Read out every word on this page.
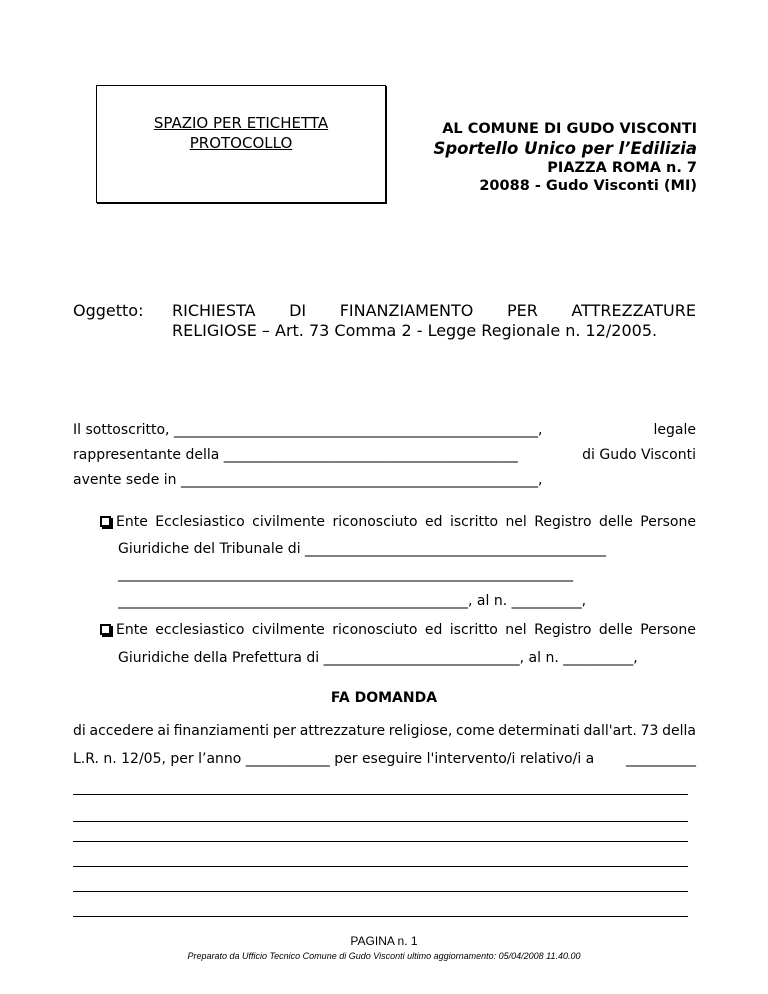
SPAZIO PER ETICHETTA
PROTOCOLLO
AL COMUNE DI GUDO VISCONTI
Sportello Unico per l’Edilizia
PIAZZA ROMA n. 7
20088 - Gudo Visconti (MI)
Oggetto: RICHIESTA DI FINANZIAMENTO PER ATTREZZATURE
RELIGIOSE – Art. 73 Comma 2 - Legge Regionale n. 12/2005.
Il sottoscritto, ____________________________________________________,	legale
rappresentante della __________________________________________	di Gudo Visconti
avente sede in ___________________________________________________,
Ente Ecclesiastico civilmente riconosciuto ed iscritto nel Registro delle Persone
Giuridiche del Tribunale di ___________________________________________
_________________________________________________________________
__________________________________________________, al n. __________,
Ente ecclesiastico civilmente riconosciuto ed iscritto nel Registro delle Persone
Giuridiche della Prefettura di ____________________________, al n. __________,
FA DOMANDA
di accedere ai finanziamenti per attrezzature religiose, come determinati dall'art. 73 della
L.R. n. 12/05, per l’anno ____________ per eseguire l'intervento/i relativo/i a __________
PAGINA n. 1
Preparato da Ufficio Tecnico Comune di Gudo Visconti ultimo aggiornamento: 05/04/2008 11.40.00
